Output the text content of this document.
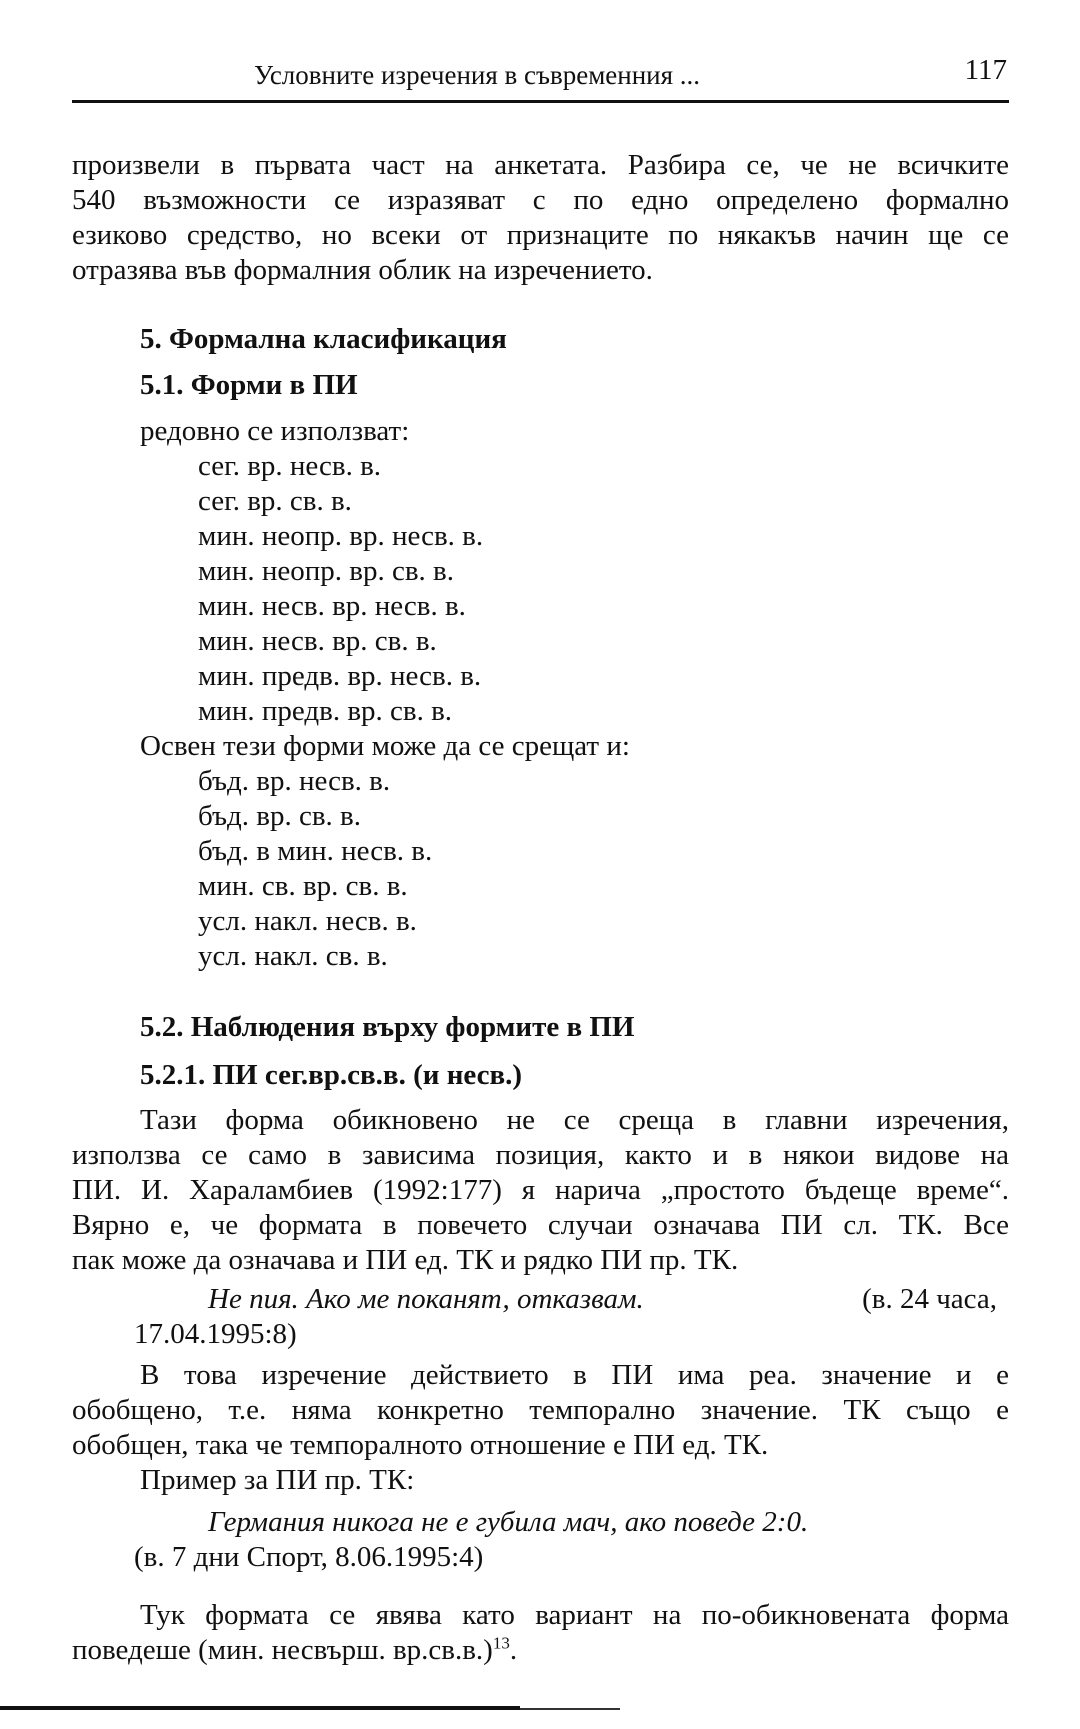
Условните изречения в съвременния ...	117
произвели в първата част на анкетата. Разбира се, че не всичките
540 възможности се изразяват с по едно определено формално
езиково средство, но всеки от признаците по някакъв начин ще се
отразява във формалния облик на изречението.
5. Формална класификация
5.1. Форми в ПИ
редовно се използват:
сег. вр. несв. в.
сег. вр. св. в.
мин. неопр. вр. несв. в.
мин. неопр. вр. св. в.
мин. несв. вр. несв. в.
мин. несв. вр. св. в.
мин. предв. вр. несв. в.
мин. предв. вр. св. в.
Освен тези форми може да се срещат и:
бъд. вр. несв. в.
бъд. вр. св. в.
бъд. в мин. несв. в.
мин. св. вр. св. в.
усл. накл. несв. в.
усл. накл. св. в.
5.2. Наблюдения върху формите в ПИ
5.2.1. ПИ сег.вр.св.в. (и несв.)
Тази форма обикновено не се среща в главни изречения,
използва се само в зависима позиция, както и в някои видове на
ПИ. И. Хараламбиев (1992:177) я нарича „простото бъдеще време“.
Вярно е, че формата в повечето случаи означава ПИ сл. ТК. Все
пак може да означава и ПИ ед. ТК и рядко ПИ пр. ТК.
Не пия. Ако ме поканят, отказвам.	(в. 24 часа,
17.04.1995:8)
В това изречение действието в ПИ има реа. значение и е
обобщено, т.е. няма конкретно темпорално значение. ТК също е
обобщен, така че темпоралното отношение е ПИ ед. ТК.
Пример за ПИ пр. ТК:
Германия никога не е губила мач, ако поведе 2:0.
(в. 7 дни Спорт, 8.06.1995:4)
Тук формата се явява като вариант на по-обикновената форма
поведеше (мин. несвърш. вр.св.в.)$^{13}$.
